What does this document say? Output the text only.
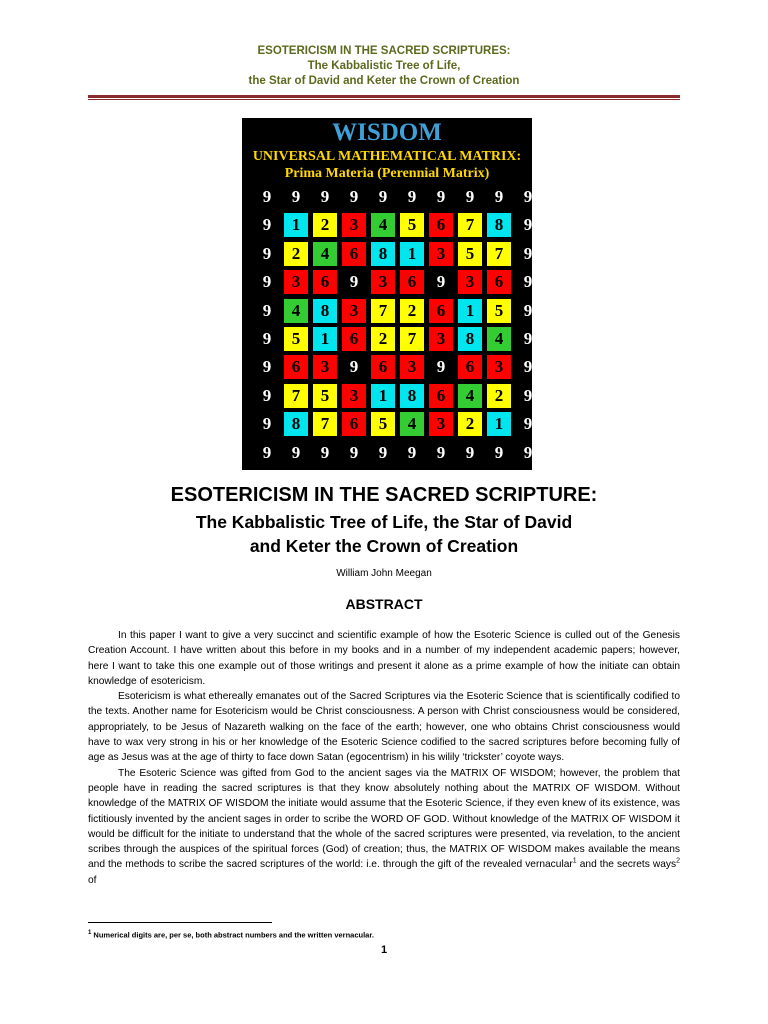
ESOTERICISM IN THE SACRED SCRIPTURES:
The Kabbalistic Tree of Life,
the Star of David and Keter the Crown of Creation
WISDOM
UNIVERSAL MATHEMATICAL MATRIX:
Prima Materia (Perennial Matrix)
9	9	9	9	9	9	9	9	9	9
9	1	2	3	4	5	6	7	8	9
9	2	4	6	8	1	3	5	7	9
9	3	6	9	3	6	9	3	6	9
9	4	8	3	7	2	6	1	5	9
9	5	1	6	2	7	3	8	4	9
9	6	3	9	6	3	9	6	3	9
9	7	5	3	1	8	6	4	2	9
9	8	7	6	5	4	3	2	1	9
9	9	9	9	9	9	9	9	9	9
ESOTERICISM IN THE SACRED SCRIPTURE:
The Kabbalistic Tree of Life, the Star of David
and Keter the Crown of Creation
William John Meegan
ABSTRACT

In this paper I want to give a very succinct and scientific example of how the Esoteric Science is culled out of the Genesis Creation Account. I have written about this before in my books and in a number of my independent academic papers; however, here I want to take this one example out of those writings and present it alone as a prime example of how the initiate can obtain knowledge of esotericism.

Esotericism is what ethereally emanates out of the Sacred Scriptures via the Esoteric Science that is scientifically codified to the texts. Another name for Esotericism would be Christ consciousness. A person with Christ consciousness would be considered, appropriately, to be Jesus of Nazareth walking on the face of the earth; however, one who obtains Christ consciousness would have to wax very strong in his or her knowledge of the Esoteric Science codified to the sacred scriptures before becoming fully of age as Jesus was at the age of thirty to face down Satan (egocentrism) in his wilily ‘trickster’ coyote ways.

The Esoteric Science was gifted from God to the ancient sages via the MATRIX OF WISDOM; however, the problem that people have in reading the sacred scriptures is that they know absolutely nothing about the MATRIX OF WISDOM. Without knowledge of the MATRIX OF WISDOM the initiate would assume that the Esoteric Science, if they even knew of its existence, was fictitiously invented by the ancient sages in order to scribe the WORD OF GOD. Without knowledge of the MATRIX OF WISDOM it would be difficult for the initiate to understand that the whole of the sacred scriptures were presented, via revelation, to the ancient scribes through the auspices of the spiritual forces (God) of creation; thus, the MATRIX OF WISDOM makes available the means and the methods to scribe the sacred scriptures of the world: i.e. through the gift of the revealed vernacular$^1$ and the secrets ways$^2$ of

$^1$ Numerical digits are, per se, both abstract numbers and the written vernacular.
1
